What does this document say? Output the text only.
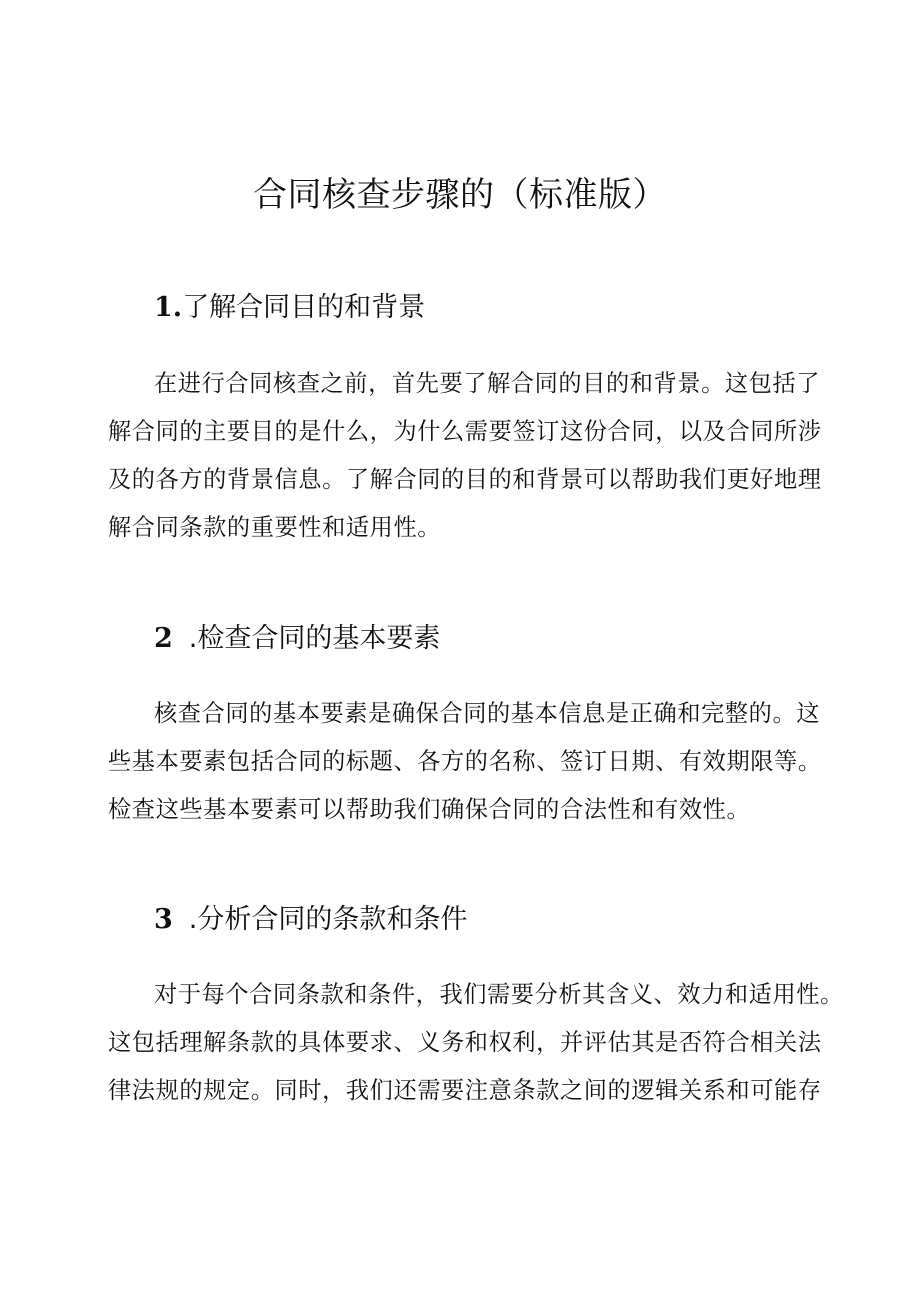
合同核查步骤的（标准版）
1.了解合同目的和背景
在进行合同核查之前，首先要了解合同的目的和背景。这包括了
解合同的主要目的是什么，为什么需要签订这份合同，以及合同所涉
及的各方的背景信息。了解合同的目的和背景可以帮助我们更好地理
解合同条款的重要性和适用性。
2 .检查合同的基本要素
核查合同的基本要素是确保合同的基本信息是正确和完整的。这
些基本要素包括合同的标题、各方的名称、签订日期、有效期限等。
检查这些基本要素可以帮助我们确保合同的合法性和有效性。
3 .分析合同的条款和条件
对于每个合同条款和条件，我们需要分析其含义、效力和适用性。
这包括理解条款的具体要求、义务和权利，并评估其是否符合相关法
律法规的规定。同时，我们还需要注意条款之间的逻辑关系和可能存
